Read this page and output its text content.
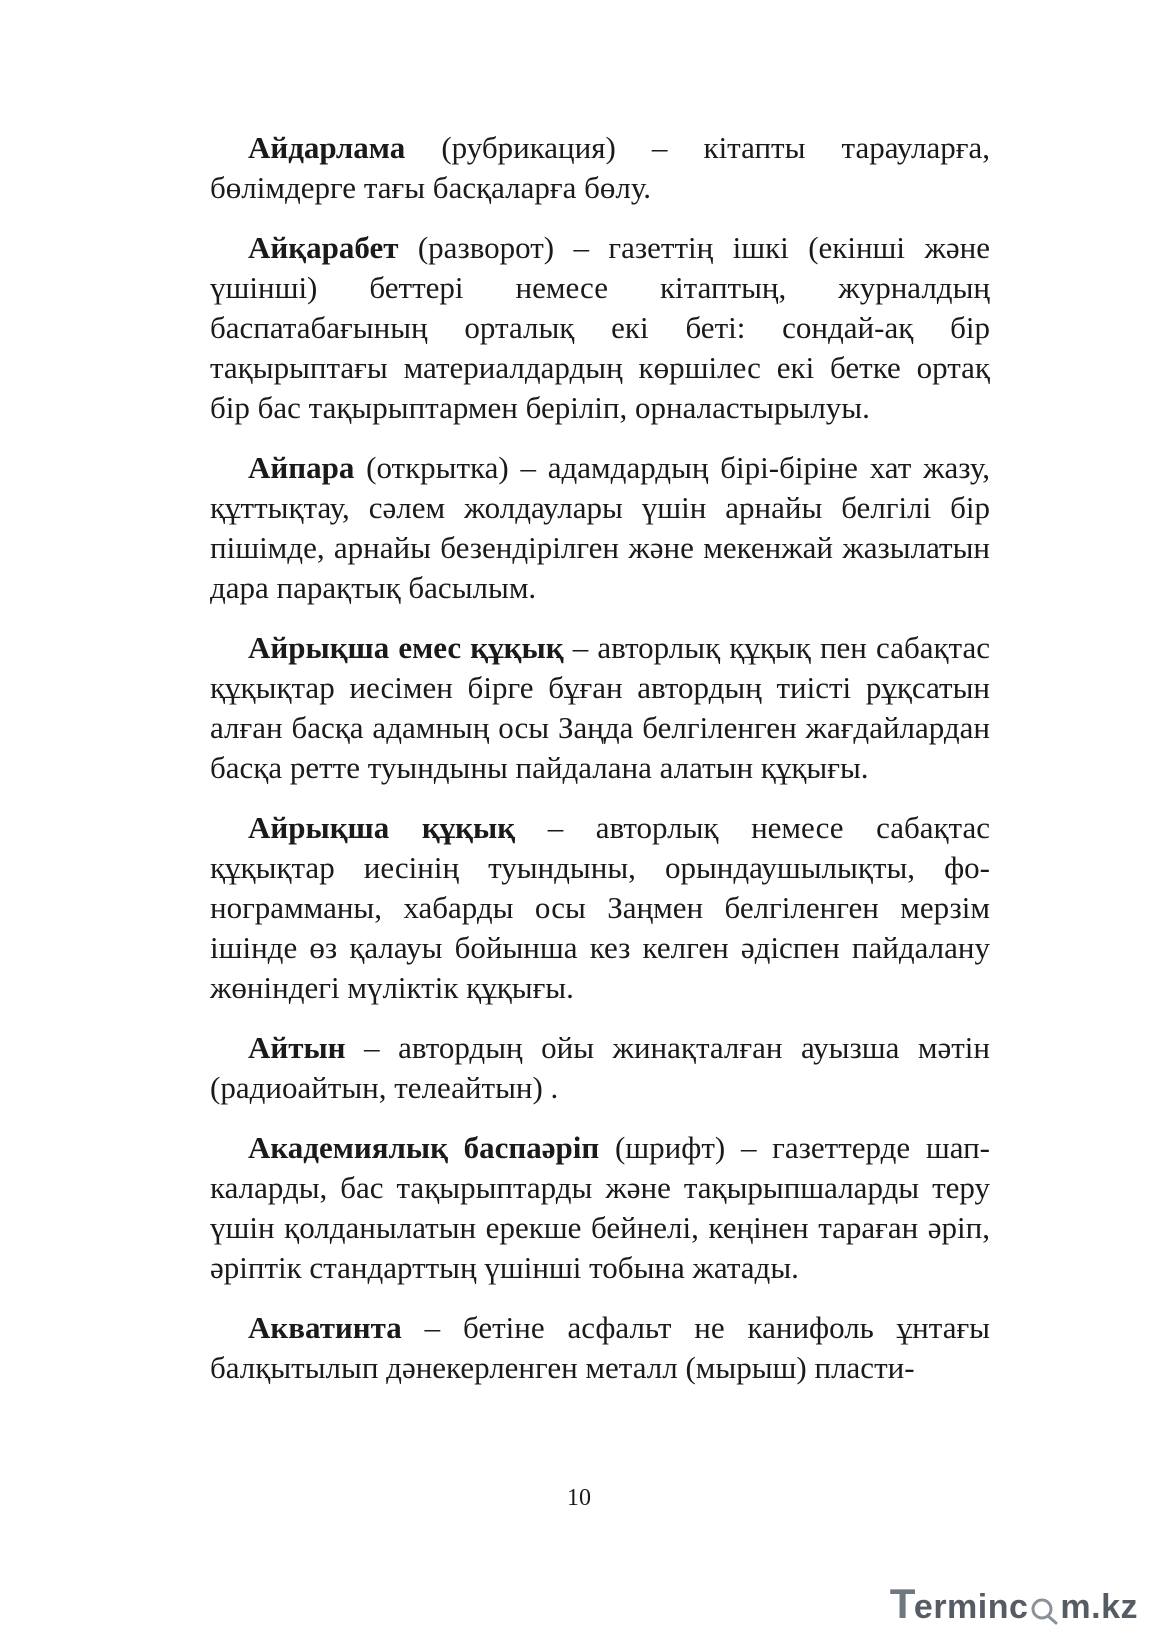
Айдарлама (рубрикация) – кітапты тарауларға, бөлімдерге тағы басқаларға бөлу.

Айқарабет (разворот) – газеттің ішкі (екінші және үшінші) беттері немесе кітаптың, журналдың баспатабағының орталық екі беті: сондай-ақ бір тақырыптағы материалдардың көршілес екі бетке ортақ бір бас тақырыптармен беріліп, орналастырылуы.

Айпара (открытка) – адамдардың бірі-біріне хат жазу, құттықтау, сәлем жолдаулары үшін арнайы белгілі бір пішімде, арнайы безендірілген және мекенжай жазылатын дара парақтық басылым.

Айрықша емес құқық – авторлық құқық пен сабақтас құқықтар иесімен бірге бұған автордың тиісті рұқсатын алған басқа адамның осы Заңда белгіленген жағдайлардан басқа ретте туындыны пайдалана алатын құқығы.

Айрықша құқық – авторлық немесе сабақтас құқықтар иесінің туындыны, орындаушылықты, фонограмманы, хабарды осы Заңмен белгіленген мерзім ішінде өз қалауы бойынша кез келген әдіспен пайдалану жөніндегі мүліктік құқығы.

Айтын – автордың ойы жинақталған ауызша мәтін (радиоайтын, телеайтын) .

Академиялық баспаәріп (шрифт) – газеттерде шапкаларды, бас тақырыптарды және тақырыпшаларды теру үшін қолданылатын ерекше бейнелі, кеңінен тараған әріп, әріптік стандарттың үшінші тобына жатады.

Акватинта – бетіне асфальт не канифоль ұнтағы балқытылып дәнекерленген металл (мырыш) пласти-

10
T
erminc m.kz
